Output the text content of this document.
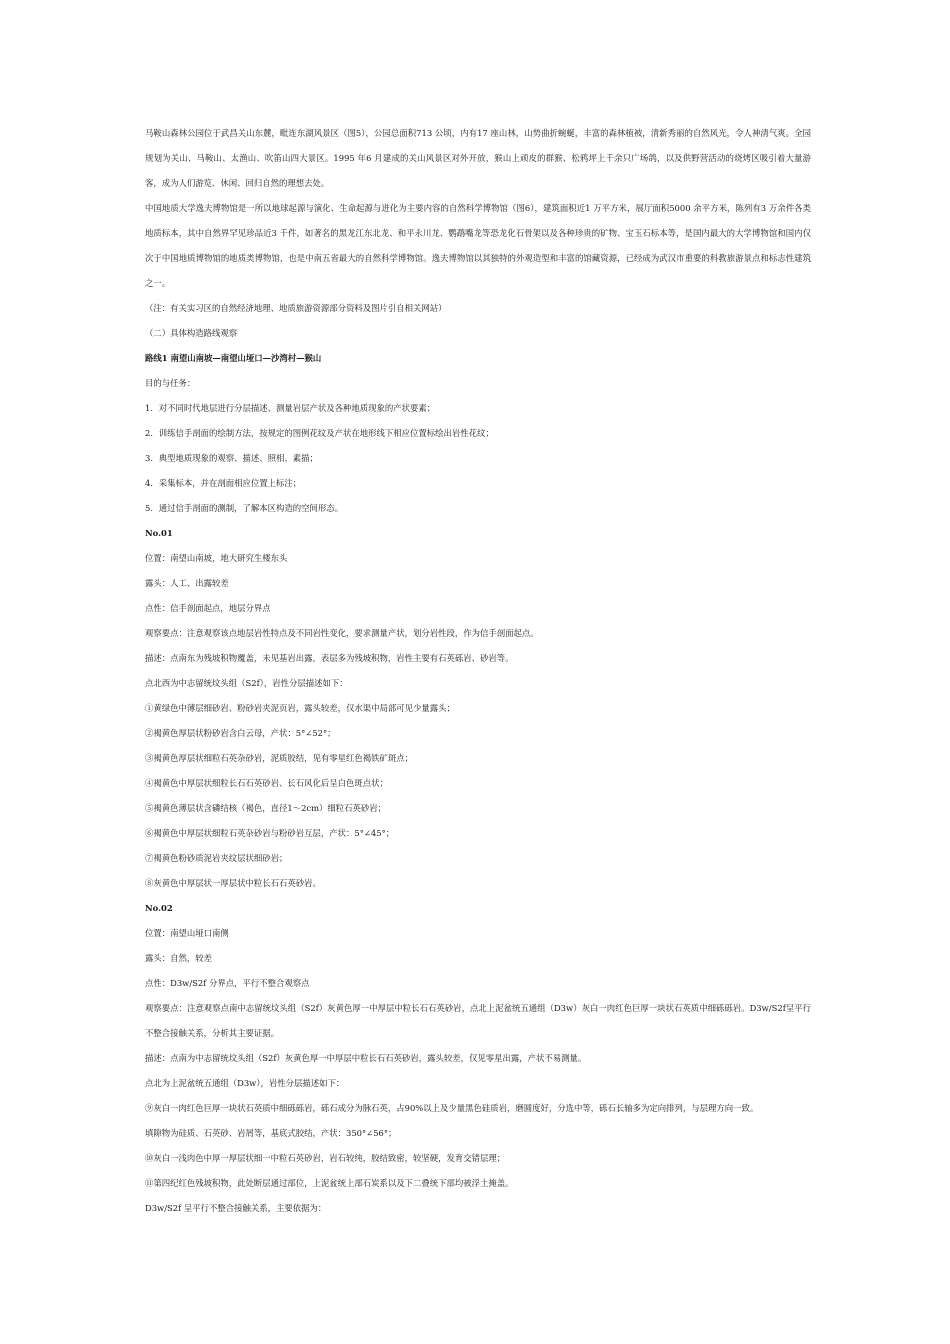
马鞍山森林公园位于武昌关山东麓，毗连东湖风景区（图5），公园总面积713 公顷，内有17 座山林，山势曲折蜿蜒，丰富的森林植被，清新秀丽的自然风光，令人神清气爽。全园规划为关山、马鞍山、太渔山、吹笛山四大景区。1995 年6 月建成的关山风景区对外开放，猴山上顽皮的群猴、松鸦坪上千余只广场鸽，以及供野营活动的烧烤区吸引着大量游客，成为人们游览、休闲、回归自然的理想去处。
中国地质大学逸夫博物馆是一所以地球起源与演化、生命起源与进化为主要内容的自然科学博物馆（图6），建筑面积近1 万平方米，展厅面积5000 余平方米，陈列有3 万余件各类地质标本，其中自然界罕见珍品近3 千件，如著名的黑龙江东北龙、和平永川龙、鹦鹉嘴龙等恐龙化石骨架以及各种珍贵的矿物、宝玉石标本等，是国内最大的大学博物馆和国内仅次于中国地质博物馆的地质类博物馆，也是中南五省最大的自然科学博物馆。逸夫博物馆以其独特的外观造型和丰富的馆藏资源，已经成为武汉市重要的科教旅游景点和标志性建筑之一。
（注：有关实习区的自然经济地理、地质旅游资源部分资料及图片引自相关网站）
（二）具体构造路线观察
路线1 南望山南坡—南望山垭口—沙湾村—猴山
目的与任务：
1．对不同时代地层进行分层描述、测量岩层产状及各种地质现象的产状要素；
2．训练信手剖面的绘制方法，按规定的图例花纹及产状在地形线下相应位置标绘出岩性花纹；
3．典型地质现象的观察、描述、照相、素描；
4．采集标本，并在剖面相应位置上标注；
5．通过信手剖面的测制，了解本区构造的空间形态。
No.01
位置：南望山南坡，地大研究生楼东头
露头：人工、出露较差
点性：信手剖面起点，地层分界点
观察要点：注意观察该点地层岩性特点及不同岩性变化，要求测量产状，划分岩性段，作为信手剖面起点。
描述：点南东为残坡积物覆盖，未见基岩出露，表层多为残坡积物，岩性主要有石英砾岩、砂岩等。
点北西为中志留统坟头组（S2f），岩性分层描述如下：
①黄绿色中薄层细砂岩、粉砂岩夹泥页岩，露头较差，仅水渠中局部可见少量露头；
②褐黄色厚层状粉砂岩含白云母，产状：5°∠52°；
③褐黄色厚层状细粒石英杂砂岩，泥质胶结，见有零星红色褐铁矿斑点；
④褐黄色中厚层状细粒长石石英砂岩、长石风化后呈白色斑点状；
⑤褐黄色薄层状含磷结核（褐色，直径1～2cm）细粒石英砂岩；
⑥褐黄色中厚层状细粒石英杂砂岩与粉砂岩互层，产状：5°∠45°；
⑦褐黄色粉砂质泥岩夹纹层状细砂岩；
⑧灰黄色中厚层状一厚层状中粒长石石英砂岩。
No.02
位置：南望山垭口南侧
露头：自然，较差
点性：D3w/S2f 分界点，平行不整合观察点
观察要点：注意观察点南中志留统坟头组（S2f）灰黄色厚一中厚层中粒长石石英砂岩，点北上泥盆统五通组（D3w）灰白一肉红色巨厚一块状石英质中细砾砾岩。D3w/S2f呈平行不整合接触关系，分析其主要证据。
描述：点南为中志留统坟头组（S2f）灰黄色厚一中厚层中粒长石石英砂岩，露头较差，仅见零星出露，产状不易测量。
点北为上泥盆统五通组（D3w），岩性分层描述如下：
⑨灰白一肉红色巨厚一块状石英质中细砾砾岩，砾石成分为脉石英，占90%以上及少量黑色硅质岩，磨圆度好，分选中等，砾石长轴多为定向排列，与层理方向一致。
填隙物为硅质、石英砂、岩屑等，基底式胶结，产状：350°∠56°；
⑩灰白一浅肉色中厚一厚层状细一中粒石英砂岩，岩石较纯，胶结致密，较坚硬，发育交错层理；
⑪第四纪红色残坡积物，此处断层通过部位，上泥盆统上部石炭系以及下二叠统下部均被浮土掩盖。
D3w/S2f 呈平行不整合接触关系，主要依据为：
